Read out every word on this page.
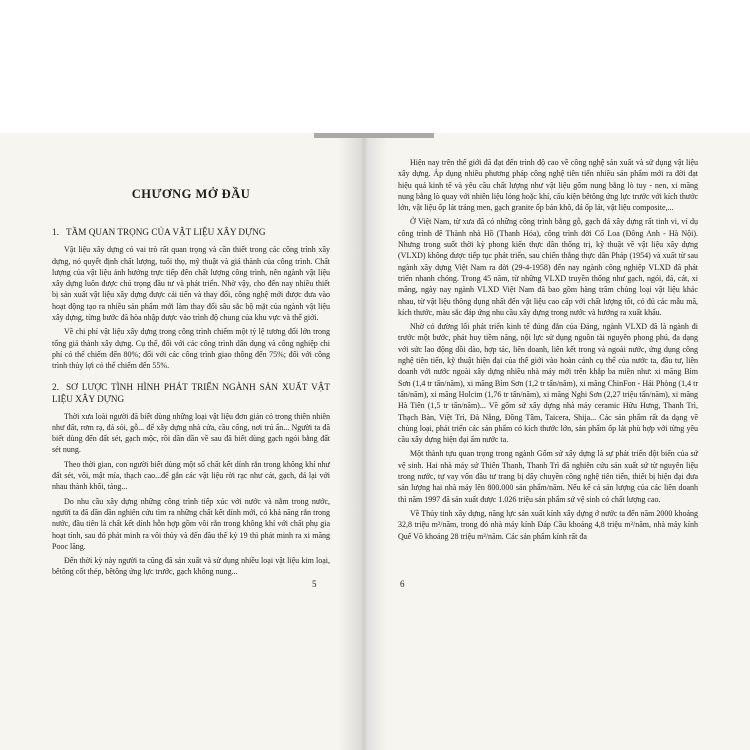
CHƯƠNG MỞ ĐẦU
1. TẦM QUAN TRỌNG CỦA VẬT LIỆU XÂY DỰNG

Vật liệu xây dựng có vai trò rất quan trọng và cần thiết trong các công trình xây dựng, nó quyết định chất lượng, tuổi thọ, mỹ thuật và giá thành của công trình. Chất lượng của vật liệu ảnh hưởng trực tiếp đến chất lượng công trình, nên ngành vật liệu xây dựng luôn được chú trọng đầu tư và phát triển. Nhờ vậy, cho đến nay nhiều thiết bị sản xuất vật liệu xây dựng được cải tiến và thay đổi, công nghệ mới được đưa vào hoạt động tạo ra nhiều sản phẩm mới làm thay đổi sâu sắc bộ mặt của ngành vật liệu xây dựng, từng bước đã hòa nhập được vào trình độ chung của khu vực và thế giới.

Về chi phí vật liệu xây dựng trong công trình chiếm một tỷ lệ tương đối lớn trong tổng giá thành xây dựng. Cụ thể, đối với các công trình dân dụng và công nghiệp chi phí có thể chiếm đến 80%; đối với các công trình giao thông đến 75%; đối với công trình thủy lợi có thể chiếm đến 55%.

2. SƠ LƯỢC TÌNH HÌNH PHÁT TRIỂN NGÀNH SẢN XUẤT VẬT LIỆU XÂY DỰNG

Thời xưa loài người đã biết dùng những loại vật liệu đơn giản có trong thiên nhiên như đất, rơm rạ, đá sỏi, gỗ... để xây dựng nhà cửa, cầu cống, nơi trú ẩn... Người ta đã biết dùng đến đất sét, gạch mộc, rồi dần dần về sau đã biết dùng gạch ngói bằng đất sét nung.

Theo thời gian, con người biết dùng một số chất kết dính rắn trong không khí như đất sét, vôi, mật mía, thạch cao...để gắn các vật liệu rời rạc như cát, gạch, đá lại với nhau thành khối, tảng...

Do nhu cầu xây dựng những công trình tiếp xúc với nước và nằm trong nước, người ta đã dần dần nghiên cứu tìm ra những chất kết dính mới, có khả năng rắn trong nước, đầu tiên là chất kết dính hỗn hợp gồm vôi rắn trong không khí với chất phụ gia hoạt tính, sau đó phát minh ra vôi thủy và đến đầu thế kỷ 19 thì phát minh ra xi măng Pooc lăng.

Đến thời kỳ này người ta cũng đã sản xuất và sử dụng nhiều loại vật liệu kim loại, bêtông cốt thép, bêtông ứng lực trước, gạch không nung...

5

Hiện nay trên thế giới đã đạt đến trình độ cao về công nghệ sản xuất và sử dụng vật liệu xây dựng. Áp dụng nhiều phương pháp công nghệ tiên tiến nhiều sản phẩm mới ra đời đạt hiệu quả kinh tế và yêu cầu chất lượng như vật liệu gốm nung bằng lò tuy - nen, xi măng nung bằng lò quay với nhiên liệu lỏng hoặc khí, cấu kiện bêtông ứng lực trước với kích thước lớn, vật liệu ốp lát tráng men, gạch granite ốp bán khô, đá ốp lát, vật liệu composite,...

Ở Việt Nam, từ xưa đã có những công trình bằng gỗ, gạch đá xây dựng rất tinh vi, ví dụ công trình đê Thành nhà Hồ (Thanh Hóa), công trình đời Cổ Loa (Đông Anh - Hà Nội). Nhưng trong suốt thời kỳ phong kiến thực dân thống trị, kỹ thuật về vật liệu xây dựng (VLXD) không được tiếp tục phát triển, sau chiến thắng thực dân Pháp (1954) và xuất từ sau ngành xây dựng Việt Nam ra đời (29-4-1958) đến nay ngành công nghiệp VLXD đã phát triển nhanh chóng. Trong 45 năm, từ những VLXD truyền thống như gạch, ngói, đá, cát, xi măng, ngày nay ngành VLXD Việt Nam đã bao gồm hàng trăm chủng loại vật liệu khác nhau, từ vật liệu thông dụng nhất đến vật liệu cao cấp với chất lượng tốt, có đủ các mẫu mã, kích thước, màu sắc đáp ứng nhu cầu xây dựng trong nước và hướng ra xuất khẩu.

Nhờ có đường lối phát triển kinh tế đúng đắn của Đảng, ngành VLXD đã là ngành đi trước một bước, phát huy tiềm năng, nội lực sử dụng nguồn tài nguyên phong phú, đa dạng với sức lao động dồi dào, hợp tác, liên doanh, liên kết trong và ngoài nước, ứng dụng công nghệ tiên tiến, kỹ thuật hiện đại của thế giới vào hoàn cảnh cụ thể của nước ta, đầu tư, liên doanh với nước ngoài xây dựng nhiều nhà máy mới trên khắp ba miền như: xi măng Bỉm Sơn (1,4 tr tấn/năm), xi măng Bỉm Sơn (1,2 tr tấn/năm), xi măng ChinFon - Hải Phòng (1,4 tr tấn/năm), xi măng Holcim (1,76 tr tấn/năm), xi măng Nghi Sơn (2,27 triệu tấn/năm), xi măng Hà Tiên (1,5 tr tấn/năm)... Về gốm sứ xây dựng nhà máy ceramic Hữu Hưng, Thanh Trì, Thạch Bàn, Việt Trì, Đà Nẵng, Đồng Tâm, Taicera, Shija... Các sản phẩm rất đa dạng về chủng loại, phát triển các sản phẩm có kích thước lớn, sản phẩm ốp lát phù hợp với từng yêu cầu xây dựng hiện đại ẩm nước ta.

Một thành tựu quan trọng trong ngành Gốm sứ xây dựng là sự phát triển đột biến của sứ vệ sinh. Hai nhà máy sứ Thiên Thanh, Thanh Trì đã nghiên cứu sản xuất sứ từ nguyên liệu trong nước, tự vay vốn đầu tư trang bị dây chuyền công nghệ tiên tiến, thiết bị hiện đại đưa sản lượng hai nhà máy lên 800.000 sản phẩm/năm. Nếu kể cả sản lượng của các liên doanh thì năm 1997 đã sản xuất được 1.026 triệu sản phẩm sứ vệ sinh có chất lượng cao.

Về Thủy tinh xây dựng, năng lực sản xuất kính xây dựng ở nước ta đến năm 2000 khoảng 32,8 triệu m²/năm, trong đó nhà máy kính Đáp Cầu khoảng 4,8 triệu m²/năm, nhà máy kính Quế Võ khoảng 28 triệu m²/năm. Các sản phẩm kính rất đa

6
